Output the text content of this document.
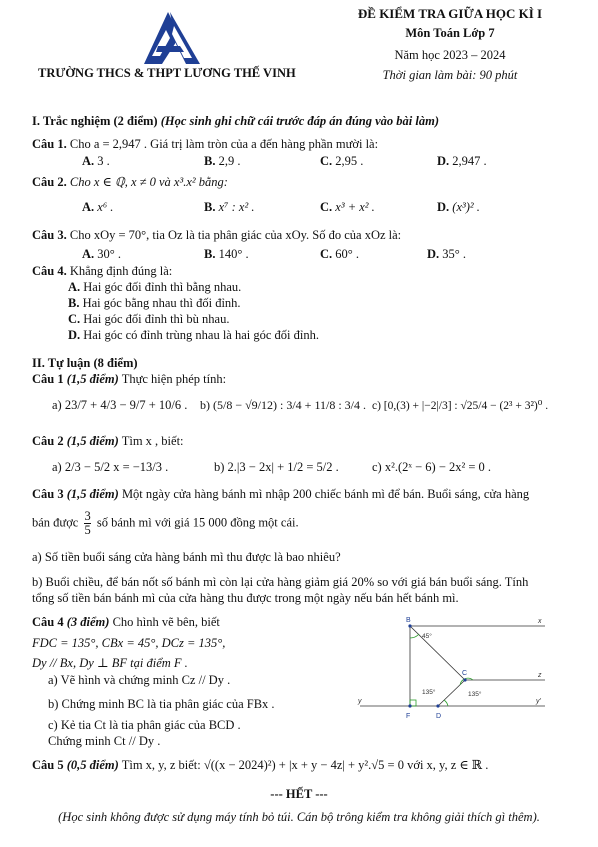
TRƯỜNG THCS & THPT LƯƠNG THẾ VINH
ĐỀ KIỂM TRA GIỮA HỌC KÌ I
Môn Toán Lớp 7
Năm học 2023 – 2024
Thời gian làm bài: 90 phút
I. Trắc nghiệm (2 điểm) (Học sinh ghi chữ cái trước đáp án đúng vào bài làm)
Câu 1. Cho a = 2,947 . Giá trị làm tròn của a đến hàng phần mười là:
A. 3 .	B. 2,9 .	C. 2,95 .	D. 2,947 .
Câu 2. Cho x ∈ ℚ, x ≠ 0 và x³.x² bằng:
A. x⁶ .	B. x⁷ : x² .	C. x³ + x² .	D. (x³)² .
Câu 3. Cho xOy = 70°, tia Oz là tia phân giác của xOy. Số đo của xOz là:
A. 30° .	B. 140° .	C. 60° .	D. 35° .
Câu 4. Khẳng định đúng là:
A. Hai góc đối đỉnh thì bằng nhau.
B. Hai góc bằng nhau thì đối đỉnh.
C. Hai góc đối đỉnh thì bù nhau.
D. Hai góc có đỉnh trùng nhau là hai góc đối đỉnh.
II. Tự luận (8 điểm)
Câu 1 (1,5 điểm) Thực hiện phép tính:
a) 23/7 + 4/3 − 9/7 + 10/6 . b) (5/8 − √9/12) : 3/4 + 11/8 : 3/4 . c) [0,(3) + |−2|/3] : √25/4 − (2³ + 3²)⁰ .
Câu 2 (1,5 điểm) Tìm x , biết:
a) 2/3 − 5/2 x = −13/3 .	b) 2.|3 − 2x| + 1/2 = 5/2 .	c) x².(2ˣ − 6) − 2x² = 0 .
Câu 3 (1,5 điểm) Một ngày cửa hàng bánh mì nhập 200 chiếc bánh mì để bán. Buổi sáng, cửa hàng
bán được $\frac{3}{5}$ số bánh mì với giá 15 000 đồng một cái.
a) Số tiền buổi sáng cửa hàng bánh mì thu được là bao nhiêu?
b) Buổi chiều, để bán nốt số bánh mì còn lại cửa hàng giảm giá 20% so với giá bán buổi sáng. Tính
tổng số tiền bán bánh mì của cửa hàng thu được trong một ngày nếu bán hết bánh mì.
Câu 4 (3 điểm) Cho hình vẽ bên, biết
FDC = 135°, CBx = 45°, DCz = 135°,
Dy // Bx, Dy ⊥ BF tại điểm F .
a) Vẽ hình và chứng minh Cz // Dy .
b) Chứng minh BC là tia phân giác của FBx .
c) Kẻ tia Ct là tia phân giác của BCD .
Chứng minh Ct // Dy .
Câu 5 (0,5 điểm) Tìm x, y, z biết: √((x − 2024)²) + |x + y − 4z| + y².√5 = 0 với x, y, z ∈ ℝ .
B
C
F	D
x
z
y	y'
45°
135°	135°
--- HẾT ---
(Học sinh không được sử dụng máy tính bỏ túi. Cán bộ trông kiểm tra không giải thích gì thêm).
